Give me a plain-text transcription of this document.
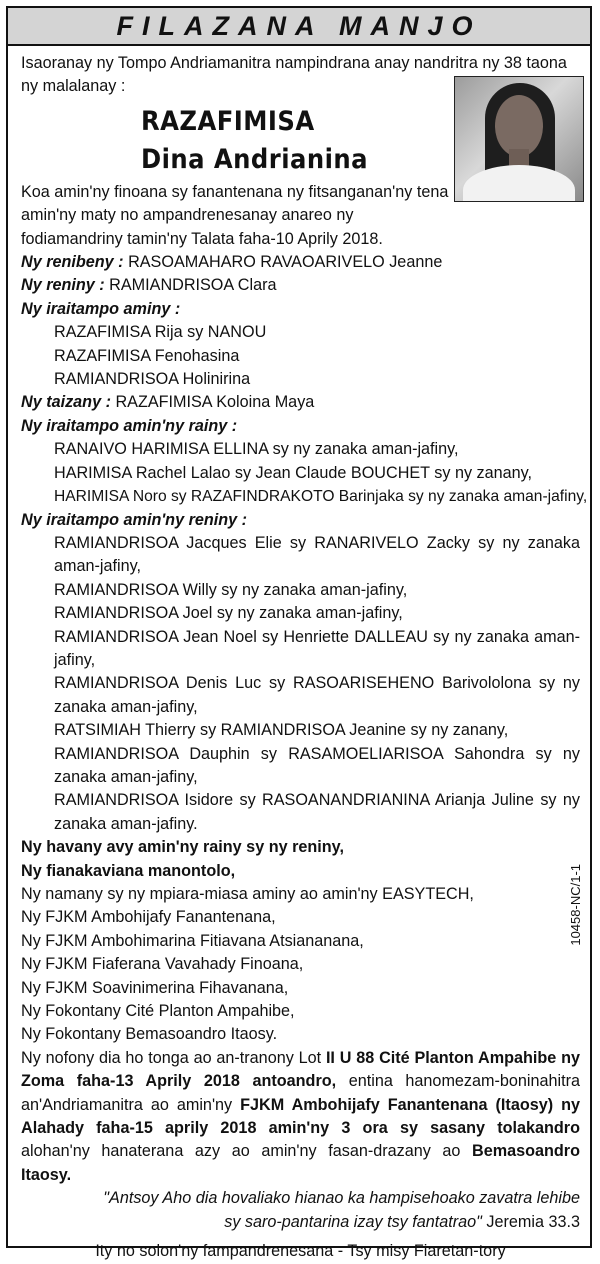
FILAZANA MANJO

Isaoranay ny Tompo Andriamanitra nampindrana anay nandritra ny 38 taona ny malalanay :

RAZAFIMISA
Dina Andrianina

Koa amin'ny finoana sy fanantenana ny fitsanganan'ny tena amin'ny maty no ampandrenesanay anareo ny fodiamandriny tamin'ny Talata faha-10 Aprily 2018.

Ny renibeny : RASOAMAHARO RAVAOARIVELO Jeanne

Ny reniny : RAMIANDRISOA Clara

Ny iraitampo aminy :

RAZAFIMISA Rija sy NANOU

RAZAFIMISA Fenohasina

RAMIANDRISOA Holinirina

Ny taizany : RAZAFIMISA Koloina Maya

Ny iraitampo amin'ny rainy :

RANAIVO HARIMISA ELLINA sy ny zanaka aman-jafiny,

HARIMISA Rachel Lalao sy Jean Claude BOUCHET sy ny zanany,

HARIMISA Noro sy RAZAFINDRAKOTO Barinjaka sy ny zanaka aman-jafiny,

Ny iraitampo amin'ny reniny :

RAMIANDRISOA Jacques Elie sy RANARIVELO Zacky sy ny zanaka aman-jafiny,

RAMIANDRISOA Willy sy ny zanaka aman-jafiny,

RAMIANDRISOA Joel sy ny zanaka aman-jafiny,

RAMIANDRISOA Jean Noel sy Henriette DALLEAU sy ny zanaka aman-jafiny,

RAMIANDRISOA Denis Luc sy RASOARISEHENO Barivololona sy ny zanaka aman-jafiny,

RATSIMIAH Thierry sy RAMIANDRISOA Jeanine sy ny zanany,

RAMIANDRISOA Dauphin sy RASAMOELIARISOA Sahondra sy ny zanaka aman-jafiny,

RAMIANDRISOA Isidore sy RASOANANDRIANINA Arianja Juline sy ny zanaka aman-jafiny.

Ny havany avy amin'ny rainy sy ny reniny,

Ny fianakaviana manontolo,

Ny namany sy ny mpiara-miasa aminy ao amin'ny EASYTECH,

Ny FJKM Ambohijafy Fanantenana,

Ny FJKM Ambohimarina Fitiavana Atsiananana,

Ny FJKM Fiaferana Vavahady Finoana,

Ny FJKM Soavinimerina Fihavanana,

Ny Fokontany Cité Planton Ampahibe,

Ny Fokontany Bemasoandro Itaosy.

Ny nofony dia ho tonga ao an-tranony Lot II U 88 Cité Planton Ampahibe ny Zoma faha-13 Aprily 2018 antoandro, entina hanomezam-boninahitra an'Andriamanitra ao amin'ny FJKM Ambohijafy Fanantenana (Itaosy) ny Alahady faha-15 aprily 2018 amin'ny 3 ora sy sasany tolakandro alohan'ny hanaterana azy ao amin'ny fasan-drazany ao Bemasoandro Itaosy.

"Antsoy Aho dia hovaliako hianao ka hampisehoako zavatra lehibe

sy saro-pantarina izay tsy fantatrao" Jeremia 33.3

Ity no solon'ny fampandrenesana - Tsy misy Fiaretan-tory

10458-NC/1-1
